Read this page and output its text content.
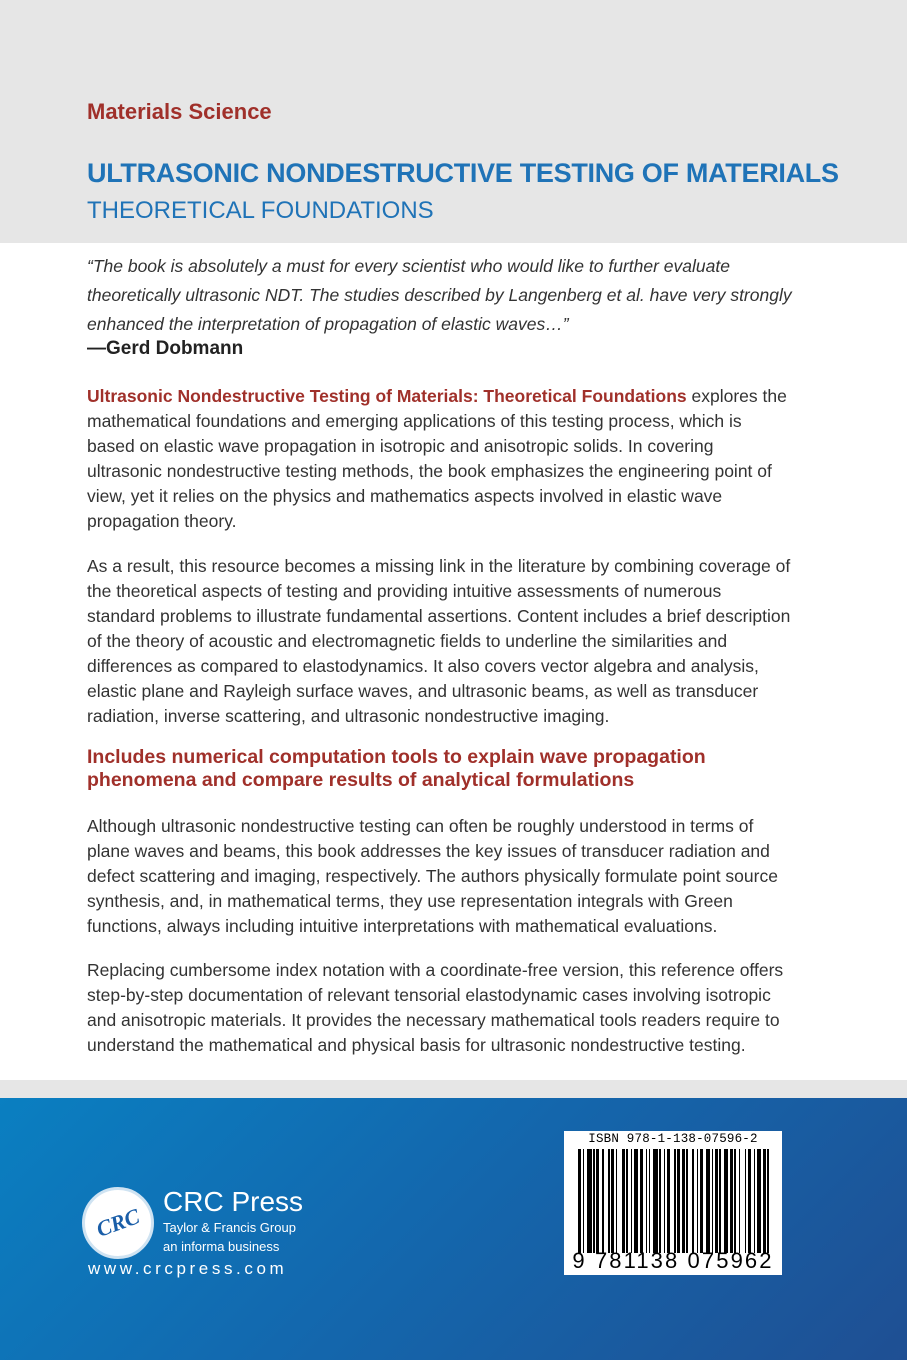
Materials Science
ULTRASONIC NONDESTRUCTIVE TESTING OF MATERIALS
THEORETICAL FOUNDATIONS
“The book is absolutely a must for every scientist who would like to further evaluate theoretically ultrasonic NDT. The studies described by Langenberg et al. have very strongly enhanced the interpretation of propagation of elastic waves…”
—Gerd Dobmann

Ultrasonic Nondestructive Testing of Materials: Theoretical Foundations explores the mathematical foundations and emerging applications of this testing process, which is based on elastic wave propagation in isotropic and anisotropic solids. In covering ultrasonic nondestructive testing methods, the book emphasizes the engineering point of view, yet it relies on the physics and mathematics aspects involved in elastic wave propagation theory.

As a result, this resource becomes a missing link in the literature by combining coverage of the theoretical aspects of testing and providing intuitive assessments of numerous standard problems to illustrate fundamental assertions. Content includes a brief description of the theory of acoustic and electromagnetic fields to underline the similarities and differences as compared to elastodynamics. It also covers vector algebra and analysis, elastic plane and Rayleigh surface waves, and ultrasonic beams, as well as transducer radiation, inverse scattering, and ultrasonic nondestructive imaging.

Includes numerical computation tools to explain wave propagation phenomena and compare results of analytical formulations

Although ultrasonic nondestructive testing can often be roughly understood in terms of plane waves and beams, this book addresses the key issues of transducer radiation and defect scattering and imaging, respectively. The authors physically formulate point source synthesis, and, in mathematical terms, they use representation integrals with Green functions, always including intuitive interpretations with mathematical evaluations.

Replacing cumbersome index notation with a coordinate-free version, this reference offers step-by-step documentation of relevant tensorial elastodynamic cases involving isotropic and anisotropic materials. It provides the necessary mathematical tools readers require to understand the mathematical and physical basis for ultrasonic nondestructive testing.

CRC
CRC Press
Taylor & Francis Group
an informa business
www.crcpress.com
ISBN 978-1-138-07596-2
9 781138 075962
